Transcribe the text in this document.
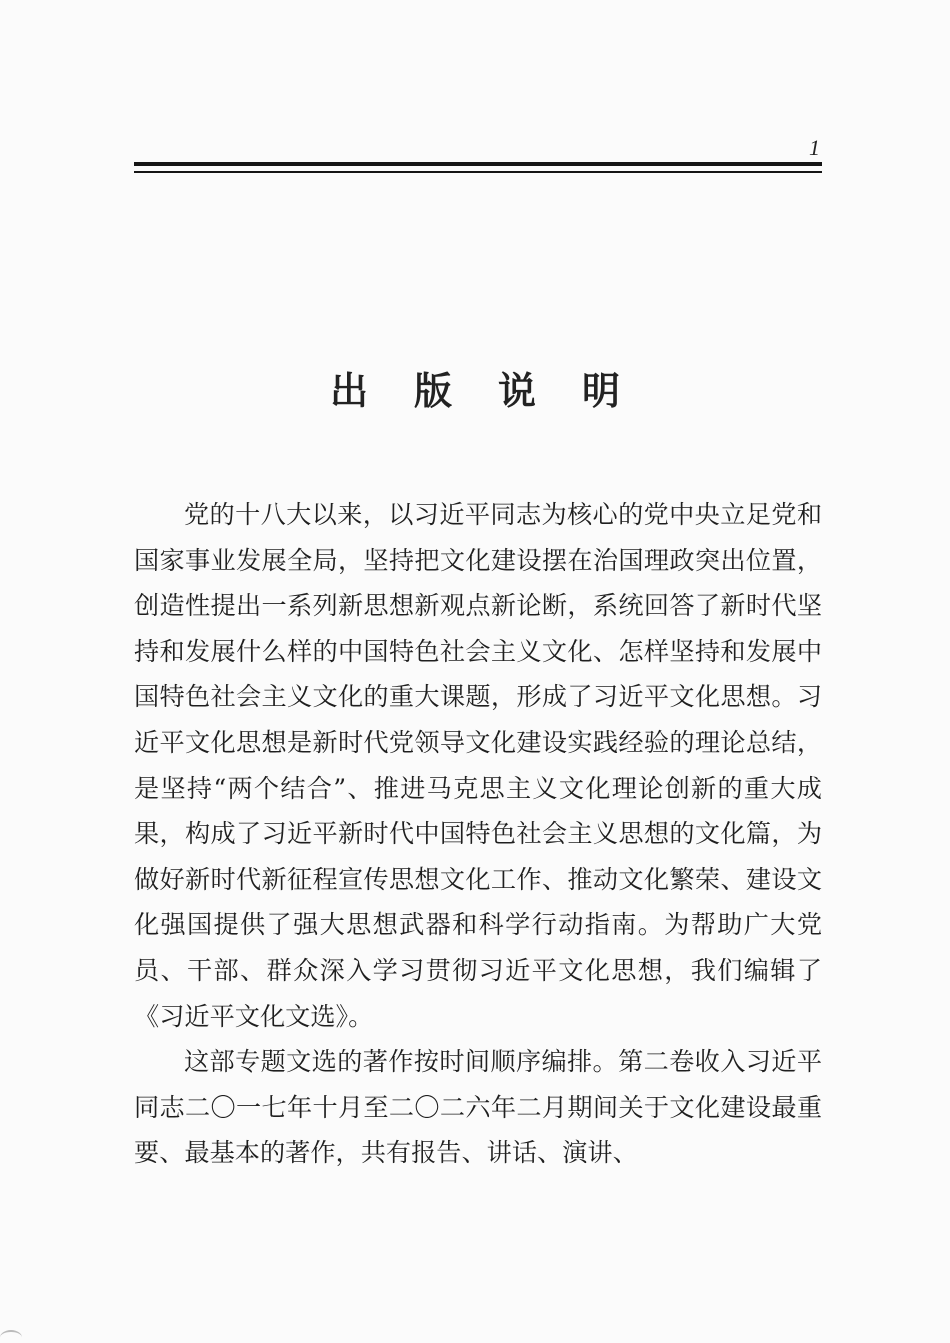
1
出版说明

党的十八大以来，以习近平同志为核心的党中央立足党和国家事业发展全局，坚持把文化建设摆在治国理政突出位置，创造性提出一系列新思想新观点新论断，系统回答了新时代坚持和发展什么样的中国特色社会主义文化、怎样坚持和发展中国特色社会主义文化的重大课题，形成了习近平文化思想。习近平文化思想是新时代党领导文化建设实践经验的理论总结，是坚持“两个结合”、推进马克思主义文化理论创新的重大成果，构成了习近平新时代中国特色社会主义思想的文化篇，为做好新时代新征程宣传思想文化工作、推动文化繁荣、建设文化强国提供了强大思想武器和科学行动指南。为帮助广大党员、干部、群众深入学习贯彻习近平文化思想，我们编辑了《习近平文化文选》。

这部专题文选的著作按时间顺序编排。第二卷收入习近平同志二〇一七年十月至二〇二六年二月期间关于文化建设最重要、最基本的著作，共有报告、讲话、演讲、
